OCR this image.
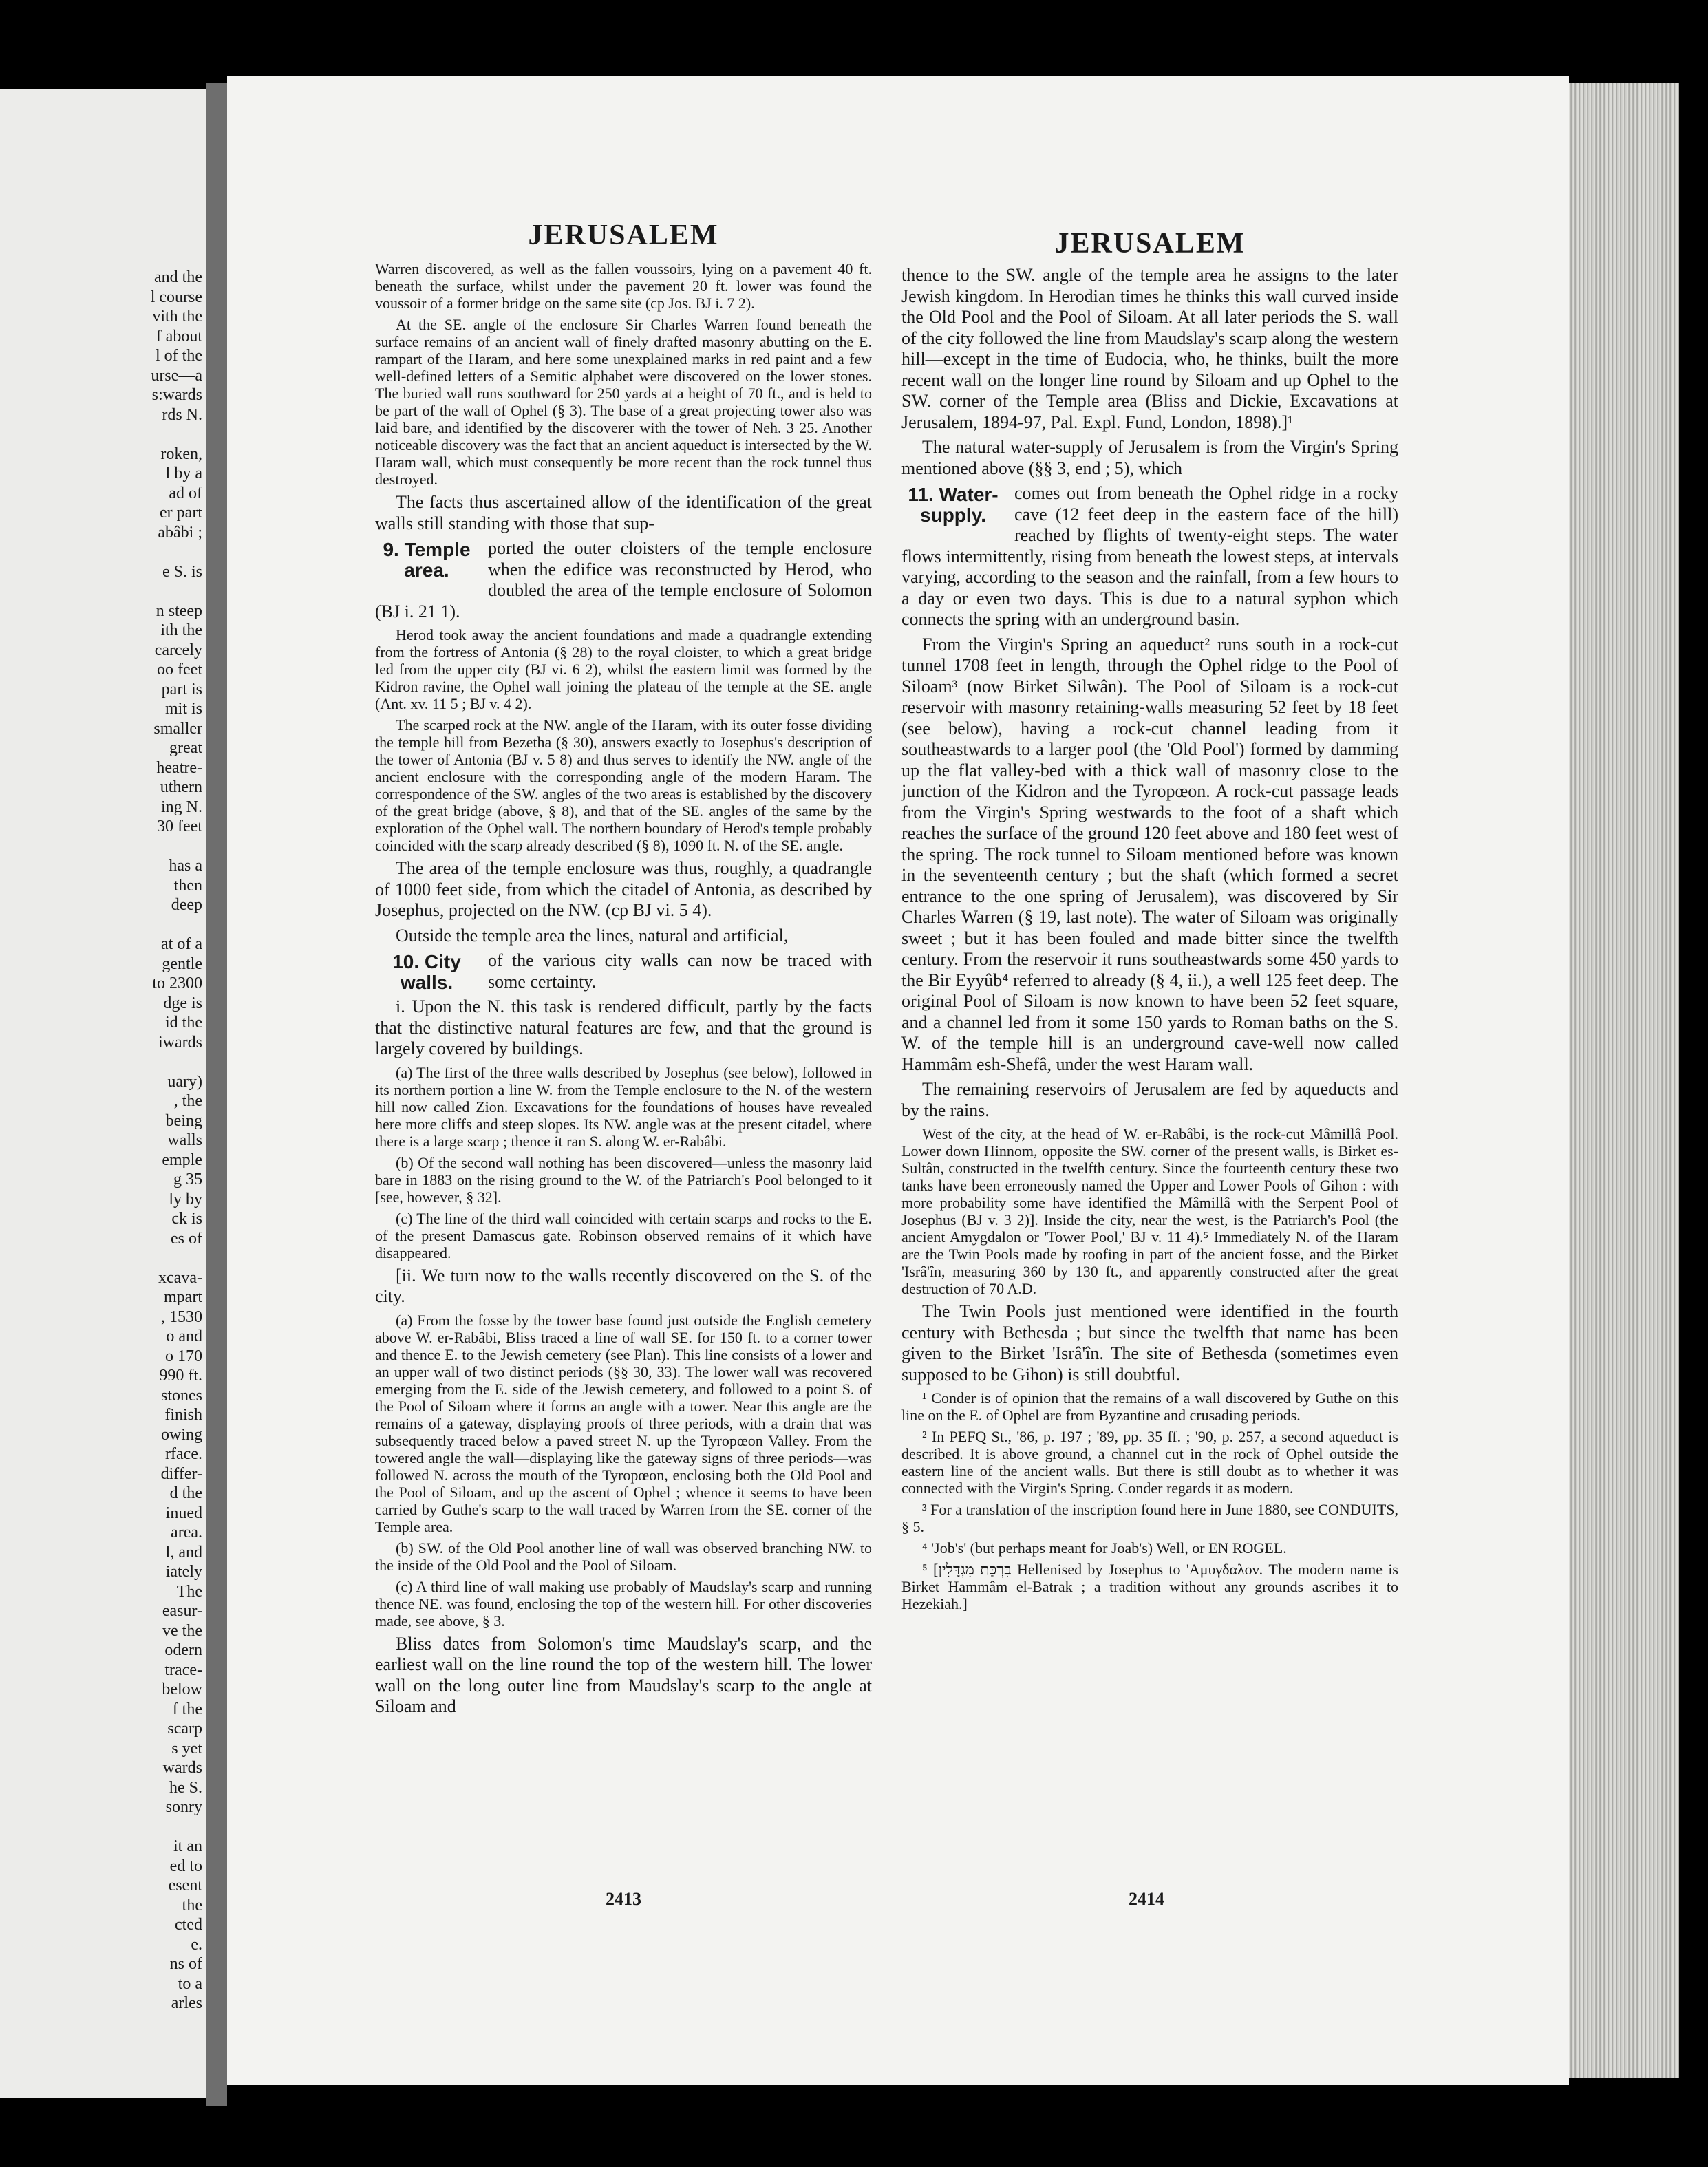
and the
l course
vith the
f about
l of the
urse—a
s:wards
rds N.
roken,
l by a
ad of
er part
abâbi ;
e S. is
n steep
ith the
carcely
oo feet
part is
mit is
smaller
great
heatre-
uthern
ing N.
30 feet
has a
then
deep
at of a
gentle
to 2300
dge is
id the
iwards
uary)
, the
being
walls
emple
g 35
ly by
ck is
es of
xcava-
mpart
, 1530
o and
o 170
990 ft.
stones
finish
owing
rface.
differ-
d the
inued
area.
l, and
iately
The
easur-
ve the
odern
trace-
below
f the
scarp
s yet
wards
he S.
sonry
it an
ed to
esent
the
cted
e.
ns of
to a
arles
JERUSALEM	JERUSALEM

Warren discovered, as well as the fallen voussoirs, lying on a pavement 40 ft. beneath the surface, whilst under the pavement 20 ft. lower was found the voussoir of a former bridge on the same site (cp Jos. BJ i. 7 2).

At the SE. angle of the enclosure Sir Charles Warren found beneath the surface remains of an ancient wall of finely drafted masonry abutting on the E. rampart of the Haram, and here some unexplained marks in red paint and a few well-defined letters of a Semitic alphabet were discovered on the lower stones. The buried wall runs southward for 250 yards at a height of 70 ft., and is held to be part of the wall of Ophel (§ 3). The base of a great projecting tower also was laid bare, and identified by the discoverer with the tower of Neh. 3 25. Another noticeable discovery was the fact that an ancient aqueduct is intersected by the W. Haram wall, which must consequently be more recent than the rock tunnel thus destroyed.

The facts thus ascertained allow of the identification of the great walls still standing with those that sup-

9. Temple
area.

ported the outer cloisters of the temple enclosure when the edifice was reconstructed by Herod, who doubled the area of the temple enclosure of Solomon (BJ i. 21 1).

Herod took away the ancient foundations and made a quadrangle extending from the fortress of Antonia (§ 28) to the royal cloister, to which a great bridge led from the upper city (BJ vi. 6 2), whilst the eastern limit was formed by the Kidron ravine, the Ophel wall joining the plateau of the temple at the SE. angle (Ant. xv. 11 5 ; BJ v. 4 2).

The scarped rock at the NW. angle of the Haram, with its outer fosse dividing the temple hill from Bezetha (§ 30), answers exactly to Josephus's description of the tower of Antonia (BJ v. 5 8) and thus serves to identify the NW. angle of the ancient enclosure with the corresponding angle of the modern Haram. The correspondence of the SW. angles of the two areas is established by the discovery of the great bridge (above, § 8), and that of the SE. angles of the same by the exploration of the Ophel wall. The northern boundary of Herod's temple probably coincided with the scarp already described (§ 8), 1090 ft. N. of the SE. angle.

The area of the temple enclosure was thus, roughly, a quadrangle of 1000 feet side, from which the citadel of Antonia, as described by Josephus, projected on the NW. (cp BJ vi. 5 4).

Outside the temple area the lines, natural and artificial,

10. City walls.

of the various city walls can now be traced with some certainty.

i. Upon the N. this task is rendered difficult, partly by the facts that the distinctive natural features are few, and that the ground is largely covered by buildings.

(a) The first of the three walls described by Josephus (see below), followed in its northern portion a line W. from the Temple enclosure to the N. of the western hill now called Zion. Excavations for the foundations of houses have revealed here more cliffs and steep slopes. Its NW. angle was at the present citadel, where there is a large scarp ; thence it ran S. along W. er-Rabâbi.

(b) Of the second wall nothing has been discovered—unless the masonry laid bare in 1883 on the rising ground to the W. of the Patriarch's Pool belonged to it [see, however, § 32].

(c) The line of the third wall coincided with certain scarps and rocks to the E. of the present Damascus gate. Robinson observed remains of it which have disappeared.

[ii. We turn now to the walls recently discovered on the S. of the city.

(a) From the fosse by the tower base found just outside the English cemetery above W. er-Rabâbi, Bliss traced a line of wall SE. for 150 ft. to a corner tower and thence E. to the Jewish cemetery (see Plan). This line consists of a lower and an upper wall of two distinct periods (§§ 30, 33). The lower wall was recovered emerging from the E. side of the Jewish cemetery, and followed to a point S. of the Pool of Siloam where it forms an angle with a tower. Near this angle are the remains of a gateway, displaying proofs of three periods, with a drain that was subsequently traced below a paved street N. up the Tyropœon Valley. From the towered angle the wall—displaying like the gateway signs of three periods—was followed N. across the mouth of the Tyropœon, enclosing both the Old Pool and the Pool of Siloam, and up the ascent of Ophel ; whence it seems to have been carried by Guthe's scarp to the wall traced by Warren from the SE. corner of the Temple area.

(b) SW. of the Old Pool another line of wall was observed branching NW. to the inside of the Old Pool and the Pool of Siloam.

(c) A third line of wall making use probably of Maudslay's scarp and running thence NE. was found, enclosing the top of the western hill. For other discoveries made, see above, § 3.

Bliss dates from Solomon's time Maudslay's scarp, and the earliest wall on the line round the top of the western hill. The lower wall on the long outer line from Maudslay's scarp to the angle at Siloam and

thence to the SW. angle of the temple area he assigns to the later Jewish kingdom. In Herodian times he thinks this wall curved inside the Old Pool and the Pool of Siloam. At all later periods the S. wall of the city followed the line from Maudslay's scarp along the western hill—except in the time of Eudocia, who, he thinks, built the more recent wall on the longer line round by Siloam and up Ophel to the SW. corner of the Temple area (Bliss and Dickie, Excavations at Jerusalem, 1894-97, Pal. Expl. Fund, London, 1898).]¹

The natural water-supply of Jerusalem is from the Virgin's Spring mentioned above (§§ 3, end ; 5), which

11. Water-
supply.

comes out from beneath the Ophel ridge in a rocky cave (12 feet deep in the eastern face of the hill) reached by flights of twenty-eight steps. The water flows intermittently, rising from beneath the lowest steps, at intervals varying, according to the season and the rainfall, from a few hours to a day or even two days. This is due to a natural syphon which connects the spring with an underground basin.

From the Virgin's Spring an aqueduct² runs south in a rock-cut tunnel 1708 feet in length, through the Ophel ridge to the Pool of Siloam³ (now Birket Silwân). The Pool of Siloam is a rock-cut reservoir with masonry retaining-walls measuring 52 feet by 18 feet (see below), having a rock-cut channel leading from it southeastwards to a larger pool (the 'Old Pool') formed by damming up the flat valley-bed with a thick wall of masonry close to the junction of the Kidron and the Tyropœon. A rock-cut passage leads from the Virgin's Spring westwards to the foot of a shaft which reaches the surface of the ground 120 feet above and 180 feet west of the spring. The rock tunnel to Siloam mentioned before was known in the seventeenth century ; but the shaft (which formed a secret entrance to the one spring of Jerusalem), was discovered by Sir Charles Warren (§ 19, last note). The water of Siloam was originally sweet ; but it has been fouled and made bitter since the twelfth century. From the reservoir it runs southeastwards some 450 yards to the Bir Eyyûb⁴ referred to already (§ 4, ii.), a well 125 feet deep. The original Pool of Siloam is now known to have been 52 feet square, and a channel led from it some 150 yards to Roman baths on the S. W. of the temple hill is an underground cave-well now called Hammâm esh-Shefâ, under the west Haram wall.

The remaining reservoirs of Jerusalem are fed by aqueducts and by the rains.

West of the city, at the head of W. er-Rabâbi, is the rock-cut Mâmillâ Pool. Lower down Hinnom, opposite the SW. corner of the present walls, is Birket es-Sultân, constructed in the twelfth century. Since the fourteenth century these two tanks have been erroneously named the Upper and Lower Pools of Gihon : with more probability some have identified the Mâmillâ with the Serpent Pool of Josephus (BJ v. 3 2)]. Inside the city, near the west, is the Patriarch's Pool (the ancient Amygdalon or 'Tower Pool,' BJ v. 11 4).⁵ Immediately N. of the Haram are the Twin Pools made by roofing in part of the ancient fosse, and the Birket 'Isrâ'în, measuring 360 by 130 ft., and apparently constructed after the great destruction of 70 A.D.

The Twin Pools just mentioned were identified in the fourth century with Bethesda ; but since the twelfth that name has been given to the Birket 'Isrâ'în. The site of Bethesda (sometimes even supposed to be Gihon) is still doubtful.

¹ Conder is of opinion that the remains of a wall discovered by Guthe on this line on the E. of Ophel are from Byzantine and crusading periods.

² In PEFQ St., '86, p. 197 ; '89, pp. 35 ff. ; '90, p. 257, a second aqueduct is described. It is above ground, a channel cut in the rock of Ophel outside the eastern line of the ancient walls. But there is still doubt as to whether it was connected with the Virgin's Spring. Conder regards it as modern.

³ For a translation of the inscription found here in June 1880, see CONDUITS, § 5.

⁴ 'Job's' (but perhaps meant for Joab's) Well, or EN ROGEL.

⁵ [בִּרְכַּת מִגְדָּלִין Hellenised by Josephus to 'Αμυγδαλον. The modern name is Birket Hammâm el-Batrak ; a tradition without any grounds ascribes it to Hezekiah.]

2413	2414
